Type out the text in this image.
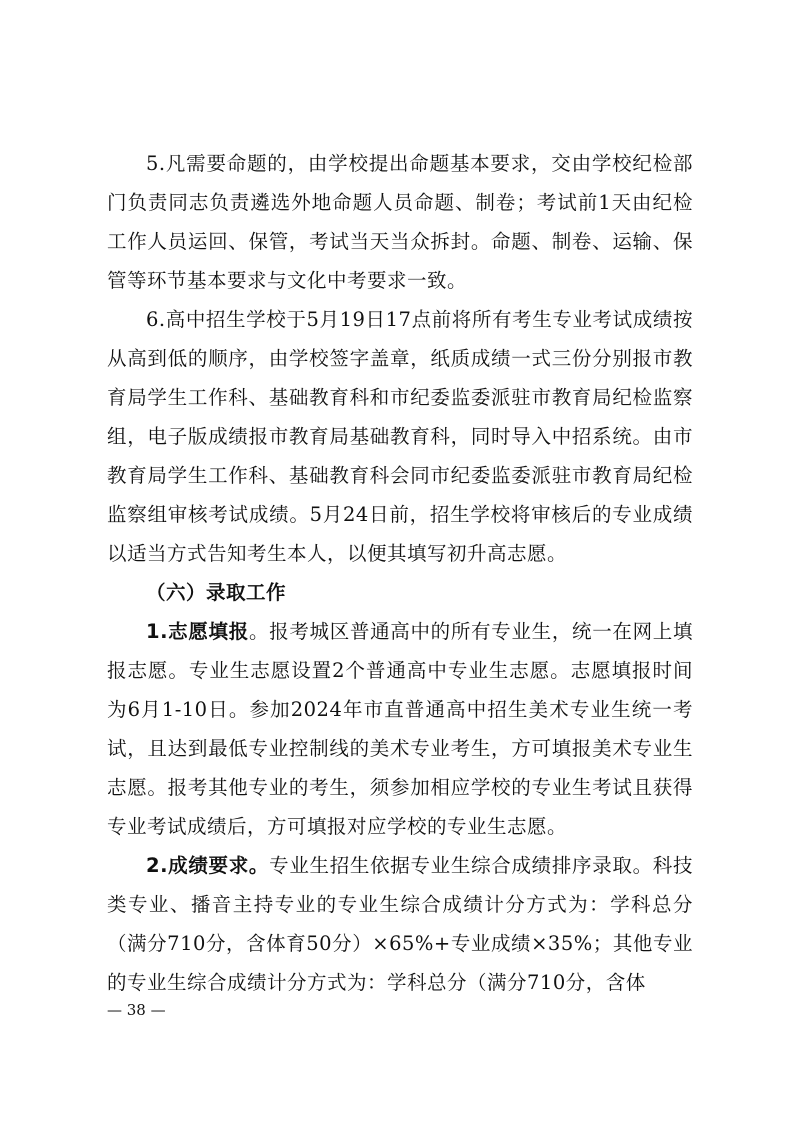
5.凡需要命题的，由学校提出命题基本要求，交由学校纪检部门负责同志负责遴选外地命题人员命题、制卷；考试前1天由纪检工作人员运回、保管，考试当天当众拆封。命题、制卷、运输、保管等环节基本要求与文化中考要求一致。

6.高中招生学校于5月19日17点前将所有考生专业考试成绩按从高到低的顺序，由学校签字盖章，纸质成绩一式三份分别报市教育局学生工作科、基础教育科和市纪委监委派驻市教育局纪检监察组，电子版成绩报市教育局基础教育科，同时导入中招系统。由市教育局学生工作科、基础教育科会同市纪委监委派驻市教育局纪检监察组审核考试成绩。5月24日前，招生学校将审核后的专业成绩以适当方式告知考生本人，以便其填写初升高志愿。

（六）录取工作

1.志愿填报。报考城区普通高中的所有专业生，统一在网上填报志愿。专业生志愿设置2个普通高中专业生志愿。志愿填报时间为6月1-10日。参加2024年市直普通高中招生美术专业生统一考试，且达到最低专业控制线的美术专业考生，方可填报美术专业生志愿。报考其他专业的考生，须参加相应学校的专业生考试且获得专业考试成绩后，方可填报对应学校的专业生志愿。

2.成绩要求。专业生招生依据专业生综合成绩排序录取。科技类专业、播音主持专业的专业生综合成绩计分方式为：学科总分（满分710分，含体育50分）×65%+专业成绩×35%；其他专业的专业生综合成绩计分方式为：学科总分（满分710分，含体

— 38 —
